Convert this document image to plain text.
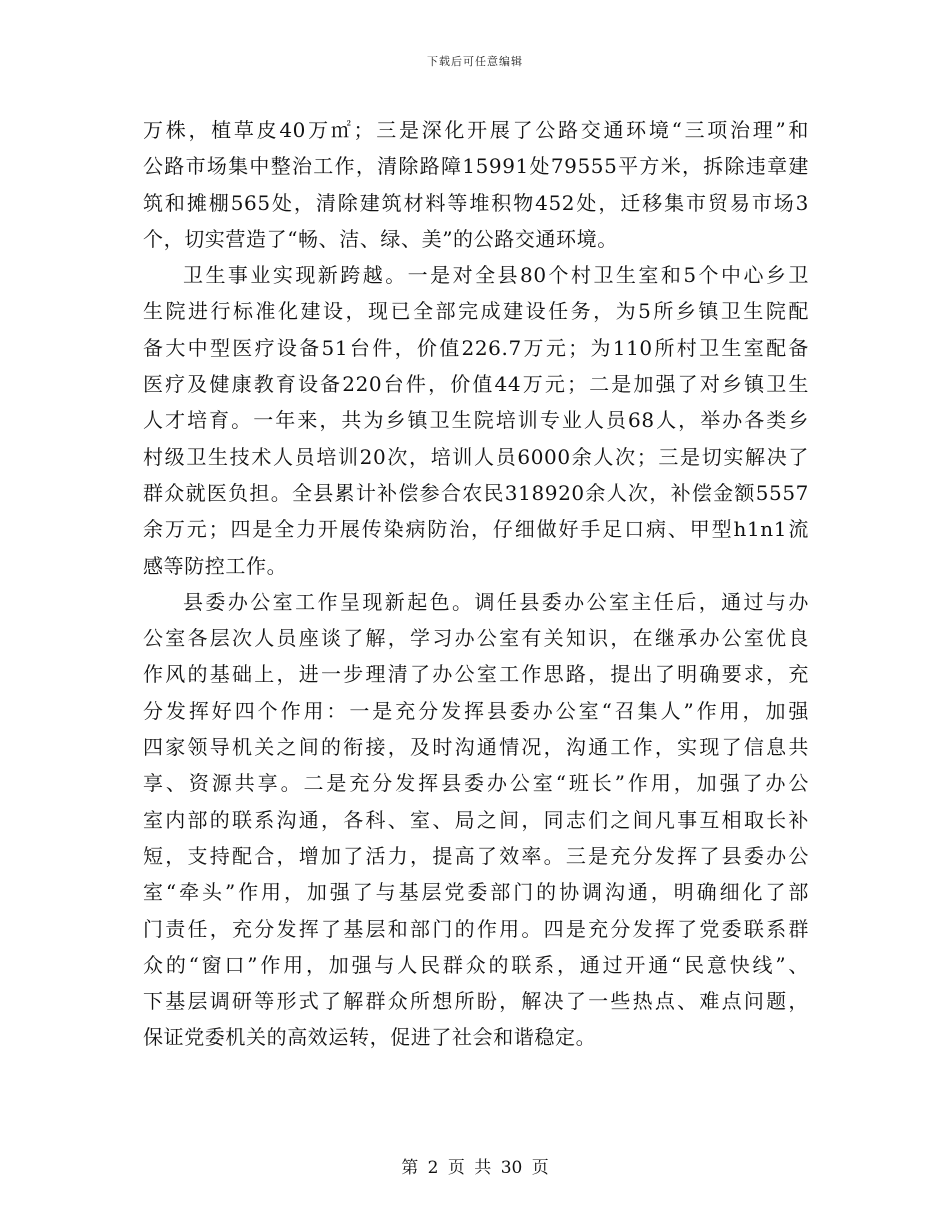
下载后可任意编辑
万株，植草皮40万㎡；三是深化开展了公路交通环境“三项治理”和
公路市场集中整治工作，清除路障15991处79555平方米，拆除违章建
筑和摊棚565处，清除建筑材料等堆积物452处，迁移集市贸易市场3
个，切实营造了“畅、洁、绿、美”的公路交通环境。
卫生事业实现新跨越。一是对全县80个村卫生室和5个中心乡卫
生院进行标准化建设，现已全部完成建设任务，为5所乡镇卫生院配
备大中型医疗设备51台件，价值226.7万元；为110所村卫生室配备
医疗及健康教育设备220台件，价值44万元；二是加强了对乡镇卫生
人才培育。一年来，共为乡镇卫生院培训专业人员68人，举办各类乡
村级卫生技术人员培训20次，培训人员6000余人次；三是切实解决了
群众就医负担。全县累计补偿参合农民318920余人次，补偿金额5557
余万元；四是全力开展传染病防治，仔细做好手足口病、甲型h1n1流
感等防控工作。
县委办公室工作呈现新起色。调任县委办公室主任后，通过与办
公室各层次人员座谈了解，学习办公室有关知识，在继承办公室优良
作风的基础上，进一步理清了办公室工作思路，提出了明确要求，充
分发挥好四个作用：一是充分发挥县委办公室“召集人”作用，加强
四家领导机关之间的衔接，及时沟通情况，沟通工作，实现了信息共
享、资源共享。二是充分发挥县委办公室“班长”作用，加强了办公
室内部的联系沟通，各科、室、局之间，同志们之间凡事互相取长补
短，支持配合，增加了活力，提高了效率。三是充分发挥了县委办公
室“牵头”作用，加强了与基层党委部门的协调沟通，明确细化了部
门责任，充分发挥了基层和部门的作用。四是充分发挥了党委联系群
众的“窗口”作用，加强与人民群众的联系，通过开通“民意快线”、
下基层调研等形式了解群众所想所盼，解决了一些热点、难点问题，
保证党委机关的高效运转，促进了社会和谐稳定。
第 2 页 共 30 页
